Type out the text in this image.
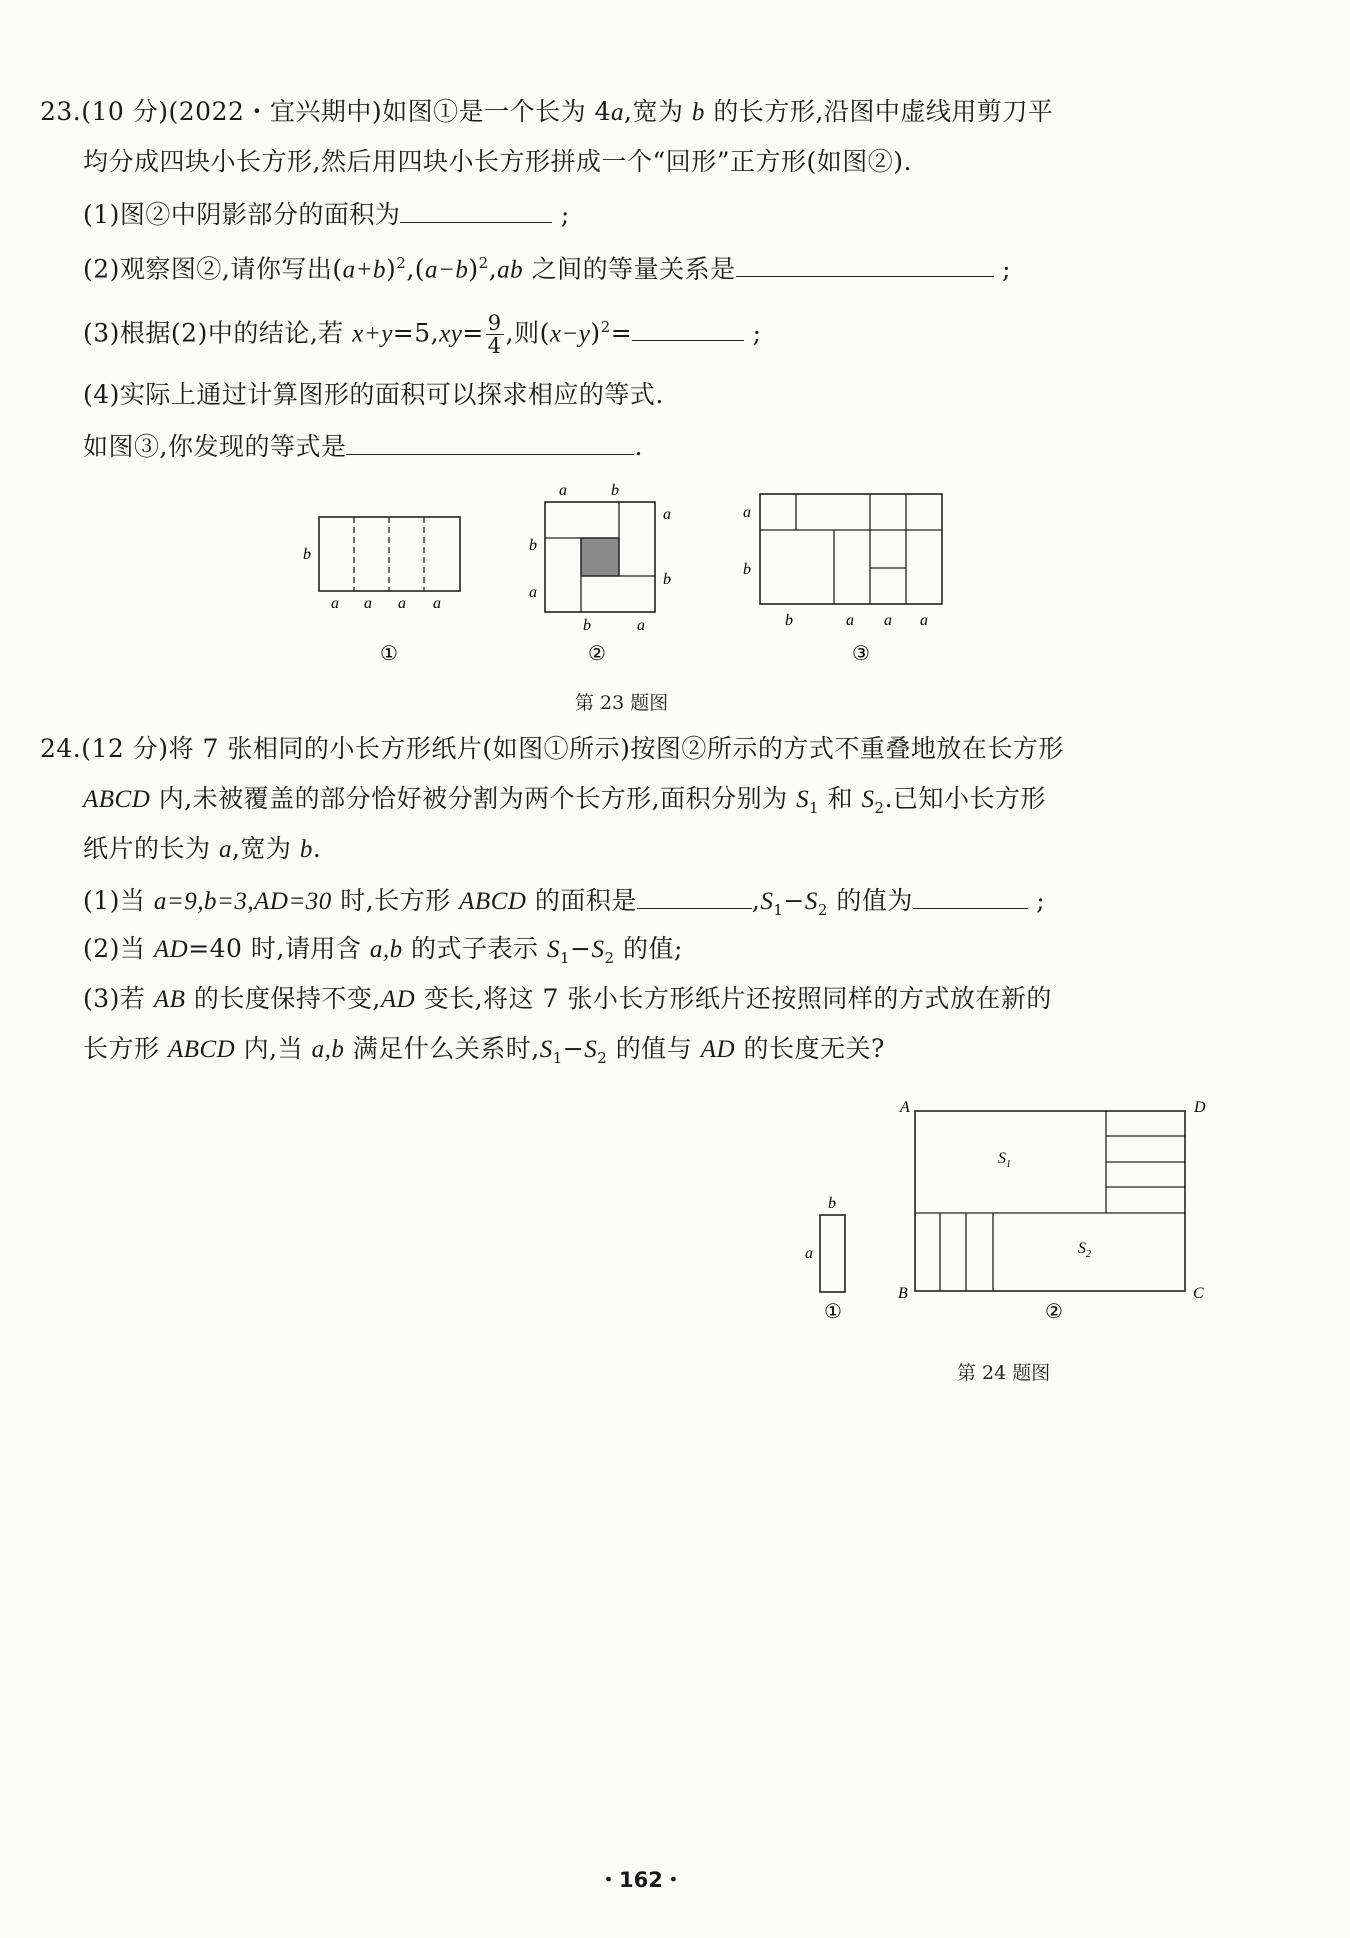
23.(10 分)(2022・宜兴期中)如图①是一个长为 4a,宽为 b 的长方形,沿图中虚线用剪刀平
均分成四块小长方形,然后用四块小长方形拼成一个“回形”正方形(如图②).
(1)图②中阴影部分的面积为	;
(2)观察图②,请你写出$(a+b)^2,(a-b)^2,ab$ 之间的等量关系是	;
(3)根据(2)中的结论,若 $x+y=5,xy= \frac{9}{4}$ ,则$(x-y)^2=$	;
(4)实际上通过计算图形的面积可以探求相应的等式.
如图③,你发现的等式是	.
b
a a a a
①
a	b
a
b
b
a
b	a
②
a
b
b	a a a
③
第 23 题图
24.(12 分)将 7 张相同的小长方形纸片(如图①所示)按图②所示的方式不重叠地放在长方形
ABCD 内,未被覆盖的部分恰好被分割为两个长方形,面积分别为 $S_1$ 和 $S_2$.已知小长方形
纸片的长为 a,宽为 b.
(1)当 a=9,b=3,AD=30 时,长方形 ABCD 的面积是	$,S_1-S_2$ 的值为	;
(2)当 AD=40 时,请用含 a,b 的式子表示 $S_1-S_2$ 的值;
(3)若 AB 的长度保持不变,AD 变长,将这 7 张小长方形纸片还按照同样的方式放在新的
长方形 ABCD 内,当 a,b 满足什么关系时$,S_1-S_2$ 的值与 AD 的长度无关?
b
a
①
A	D
B	C
$S_1$
$S_2$
②
第 24 题图
・162・
